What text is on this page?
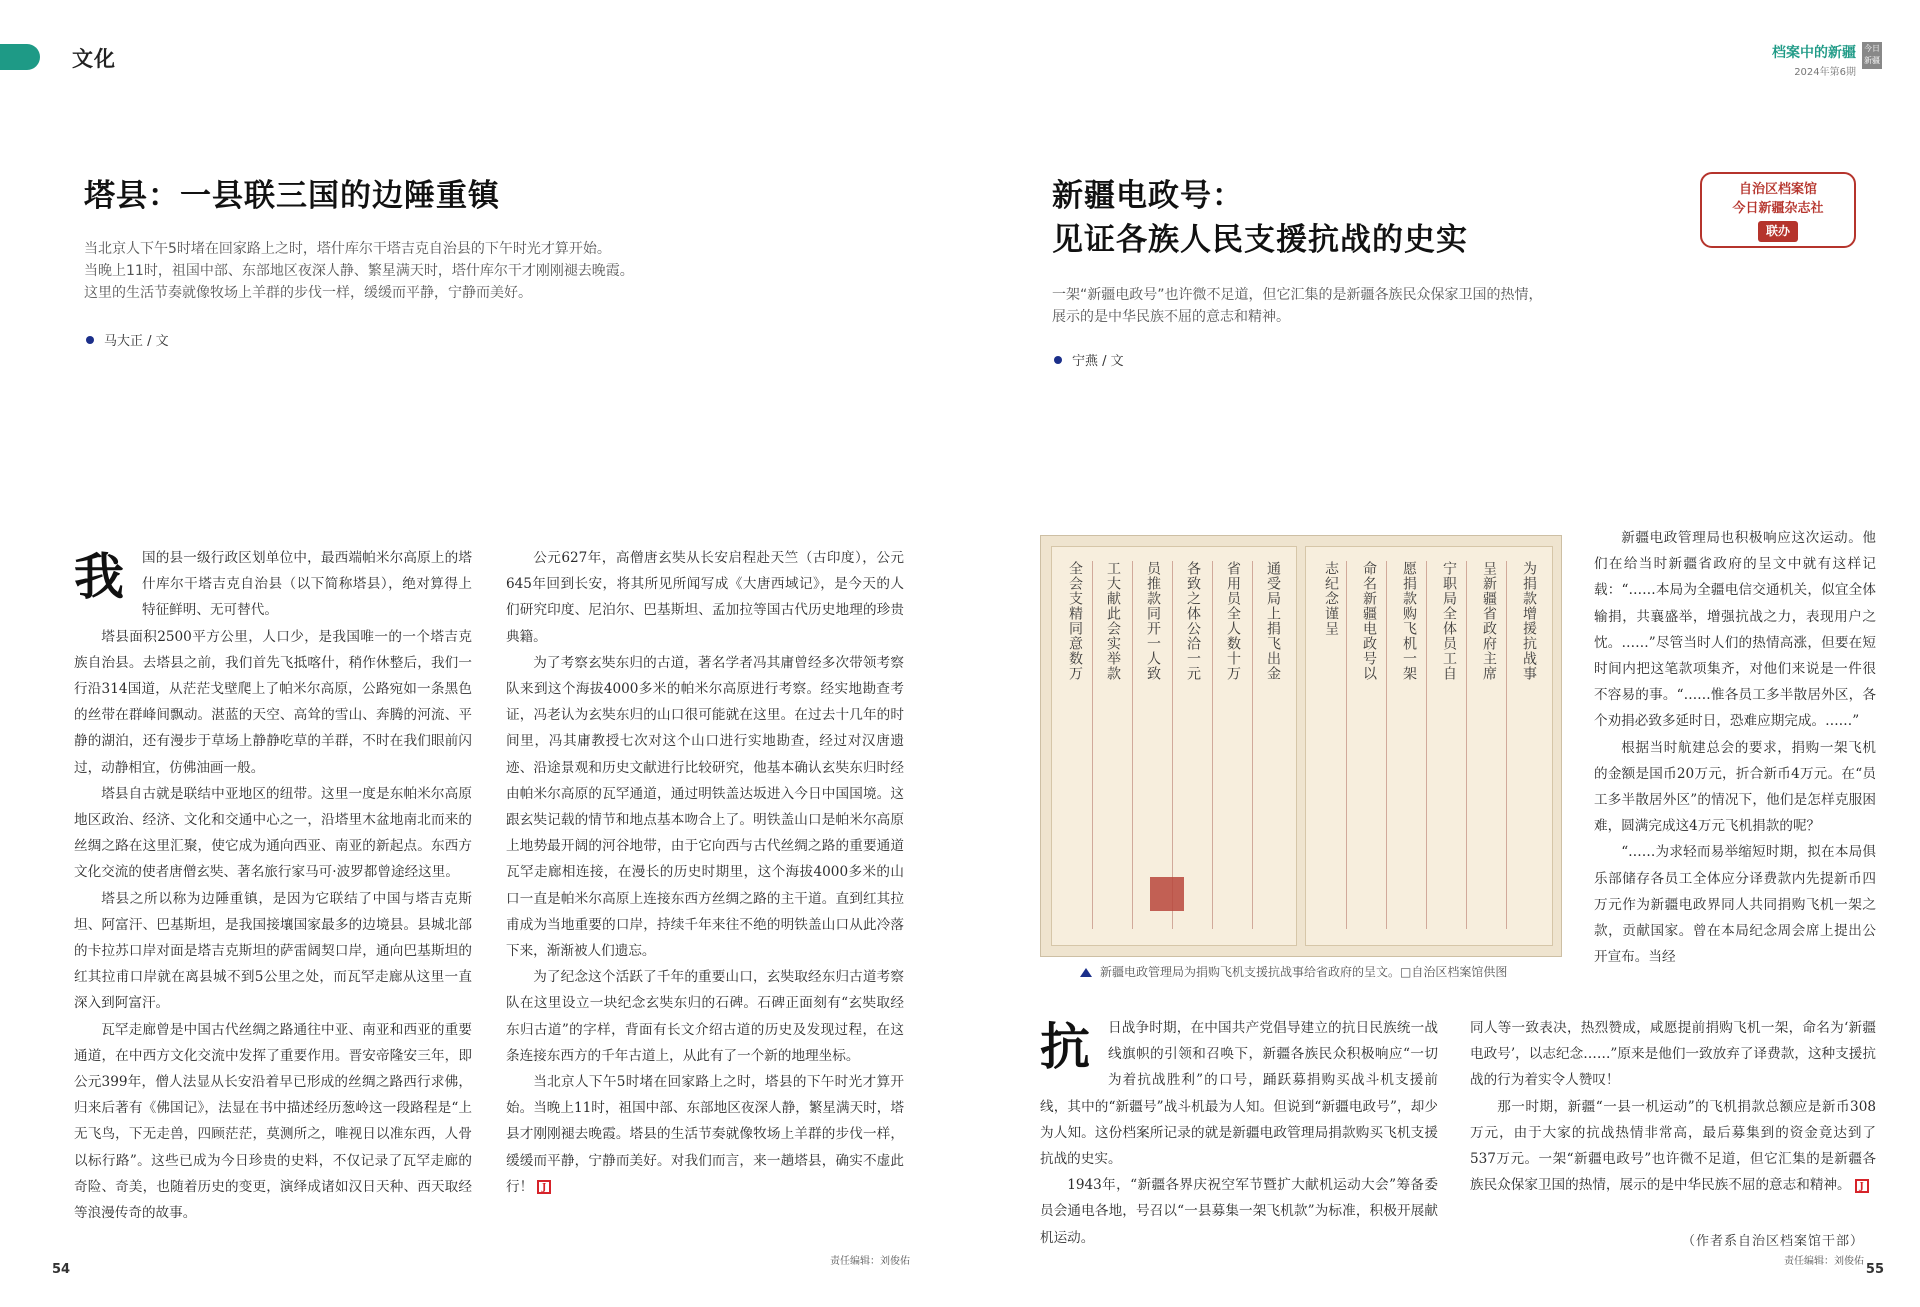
文化	档案中的新疆
2024年第6期
今日新疆
塔县：一县联三国的边陲重镇
当北京人下午5时堵在回家路上之时，塔什库尔干塔吉克自治县的下午时光才算开始。
当晚上11时，祖国中部、东部地区夜深人静、繁星满天时，塔什库尔干才刚刚褪去晚霞。
这里的生活节奏就像牧场上羊群的步伐一样，缓缓而平静，宁静而美好。
马大正 / 文

我	国的县一级行政区划单位中，最西端帕米尔高原上的塔什库尔干塔吉克自治县（以下简称塔县），绝对算得上特征鲜明、无可替代。

塔县面积2500平方公里，人口少，是我国唯一的一个塔吉克族自治县。去塔县之前，我们首先飞抵喀什，稍作休整后，我们一行沿314国道，从茫茫戈壁爬上了帕米尔高原，公路宛如一条黑色的丝带在群峰间飘动。湛蓝的天空、高耸的雪山、奔腾的河流、平静的湖泊，还有漫步于草场上静静吃草的羊群，不时在我们眼前闪过，动静相宜，仿佛油画一般。

塔县自古就是联结中亚地区的纽带。这里一度是东帕米尔高原地区政治、经济、文化和交通中心之一，沿塔里木盆地南北而来的丝绸之路在这里汇聚，使它成为通向西亚、南亚的新起点。东西方文化交流的使者唐僧玄奘、著名旅行家马可·波罗都曾途经这里。

塔县之所以称为边陲重镇，是因为它联结了中国与塔吉克斯坦、阿富汗、巴基斯坦，是我国接壤国家最多的边境县。县城北部的卡拉苏口岸对面是塔吉克斯坦的萨雷阔契口岸，通向巴基斯坦的红其拉甫口岸就在离县城不到5公里之处，而瓦罕走廊从这里一直深入到阿富汗。

瓦罕走廊曾是中国古代丝绸之路通往中亚、南亚和西亚的重要通道，在中西方文化交流中发挥了重要作用。晋安帝隆安三年，即公元399年，僧人法显从长安沿着早已形成的丝绸之路西行求佛，归来后著有《佛国记》，法显在书中描述经历葱岭这一段路程是“上无飞鸟，下无走兽，四顾茫茫，莫测所之，唯视日以准东西，人骨以标行路”。这些已成为今日珍贵的史料，不仅记录了瓦罕走廊的奇险、奇美，也随着历史的变更，演绎成诸如汉日天种、西天取经等浪漫传奇的故事。

公元627年，高僧唐玄奘从长安启程赴天竺（古印度），公元645年回到长安，将其所见所闻写成《大唐西域记》，是今天的人们研究印度、尼泊尔、巴基斯坦、孟加拉等国古代历史地理的珍贵典籍。

为了考察玄奘东归的古道，著名学者冯其庸曾经多次带领考察队来到这个海拔4000多米的帕米尔高原进行考察。经实地勘查考证，冯老认为玄奘东归的山口很可能就在这里。在过去十几年的时间里，冯其庸教授七次对这个山口进行实地勘查，经过对汉唐遗迹、沿途景观和历史文献进行比较研究，他基本确认玄奘东归时经由帕米尔高原的瓦罕通道，通过明铁盖达坂进入今日中国国境。这跟玄奘记载的情节和地点基本吻合上了。明铁盖山口是帕米尔高原上地势最开阔的河谷地带，由于它向西与古代丝绸之路的重要通道瓦罕走廊相连接，在漫长的历史时期里，这个海拔4000多米的山口一直是帕米尔高原上连接东西方丝绸之路的主干道。直到红其拉甫成为当地重要的口岸，持续千年来往不绝的明铁盖山口从此冷落下来，渐渐被人们遗忘。

为了纪念这个活跃了千年的重要山口，玄奘取经东归古道考察队在这里设立一块纪念玄奘东归的石碑。石碑正面刻有“玄奘取经东归古道”的字样，背面有长文介绍古道的历史及发现过程，在这条连接东西方的千年古道上，从此有了一个新的地理坐标。

当北京人下午5时堵在回家路上之时，塔县的下午时光才算开始。当晚上11时，祖国中部、东部地区夜深人静，繁星满天时，塔县才刚刚褪去晚霞。塔县的生活节奏就像牧场上羊群的步伐一样，缓缓而平静，宁静而美好。对我们而言，来一趟塔县，确实不虚此行！ J

责任编辑：刘俊佑
54
新疆电政号：
见证各族人民支援抗战的史实
自治区档案馆
今日新疆杂志社
联办
一架“新疆电政号”也许微不足道，但它汇集的是新疆各族民众保家卫国的热情，
展示的是中华民族不屈的意志和精神。
宁燕 / 文
通受局上捐飞出金
省用员全人数十万
各致之体公洽一元
员推款同开一人致
工大献此会实举款
全会支精同意数万	为捐款增援抗战事
呈新疆省政府主席
宁职局全体员工自
愿捐款购飞机一架
命名新疆电政号以
志纪念谨呈
新疆电政管理局为捐购飞机支援抗战事给省政府的呈文。□自治区档案馆供图

抗	日战争时期，在中国共产党倡导建立的抗日民族统一战线旗帜的引领和召唤下，新疆各族民众积极响应“一切为着抗战胜利”的口号，踊跃募捐购买战斗机支援前线，其中的“新疆号”战斗机最为人知。但说到“新疆电政号”，却少为人知。这份档案所记录的就是新疆电政管理局捐款购买飞机支援抗战的史实。

1943年，“新疆各界庆祝空军节暨扩大献机运动大会”筹备委员会通电各地，号召以“一县募集一架飞机款”为标准，积极开展献机运动。

新疆电政管理局也积极响应这次运动。他们在给当时新疆省政府的呈文中就有这样记载：“……本局为全疆电信交通机关，似宜全体输捐，共襄盛举，增强抗战之力，表现用户之忱。……”尽管当时人们的热情高涨，但要在短时间内把这笔款项集齐，对他们来说是一件很不容易的事。“……惟各员工多半散居外区，各个劝捐必致多延时日，恐难应期完成。……”

根据当时航建总会的要求，捐购一架飞机的金额是国币20万元，折合新币4万元。在“员工多半散居外区”的情况下，他们是怎样克服困难，圆满完成这4万元飞机捐款的呢？

“……为求轻而易举缩短时期，拟在本局俱乐部储存各员工全体应分译费款内先提新币四万元作为新疆电政界同人共同捐购飞机一架之款，贡献国家。曾在本局纪念周会席上提出公开宣布。当经

同人等一致表决，热烈赞成，咸愿提前捐购飞机一架，命名为‘新疆电政号’，以志纪念……”原来是他们一致放弃了译费款，这种支援抗战的行为着实令人赞叹！

那一时期，新疆“一县一机运动”的飞机捐款总额应是新币308万元，由于大家的抗战热情非常高，最后募集到的资金竟达到了537万元。一架“新疆电政号”也许微不足道，但它汇集的是新疆各族民众保家卫国的热情，展示的是中华民族不屈的意志和精神。 J

（作者系自治区档案馆干部）
责任编辑：刘俊佑
55
